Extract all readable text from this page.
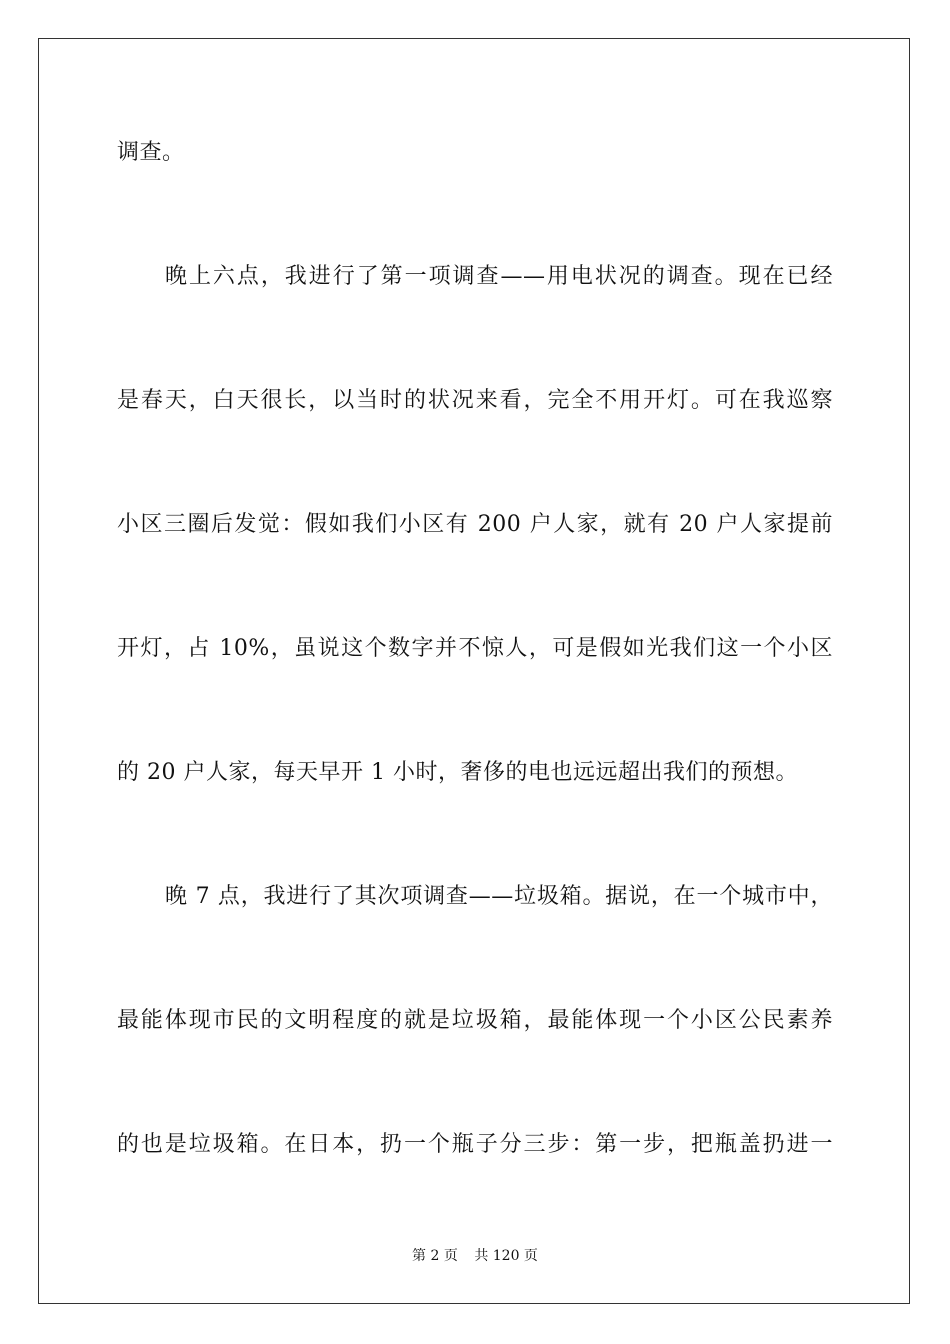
调查。
晚上六点，我进行了第一项调查——用电状况的调查。现在已经
是春天，白天很长，以当时的状况来看，完全不用开灯。可在我巡察
小区三圈后发觉：假如我们小区有 200 户人家，就有 20 户人家提前
开灯，占 10%，虽说这个数字并不惊人，可是假如光我们这一个小区
的 20 户人家，每天早开 1 小时，奢侈的电也远远超出我们的预想。
晚 7 点，我进行了其次项调查——垃圾箱。据说，在一个城市中，
最能体现市民的文明程度的就是垃圾箱，最能体现一个小区公民素养
的也是垃圾箱。在日本，扔一个瓶子分三步：第一步，把瓶盖扔进一
第 2 页 共 120 页
